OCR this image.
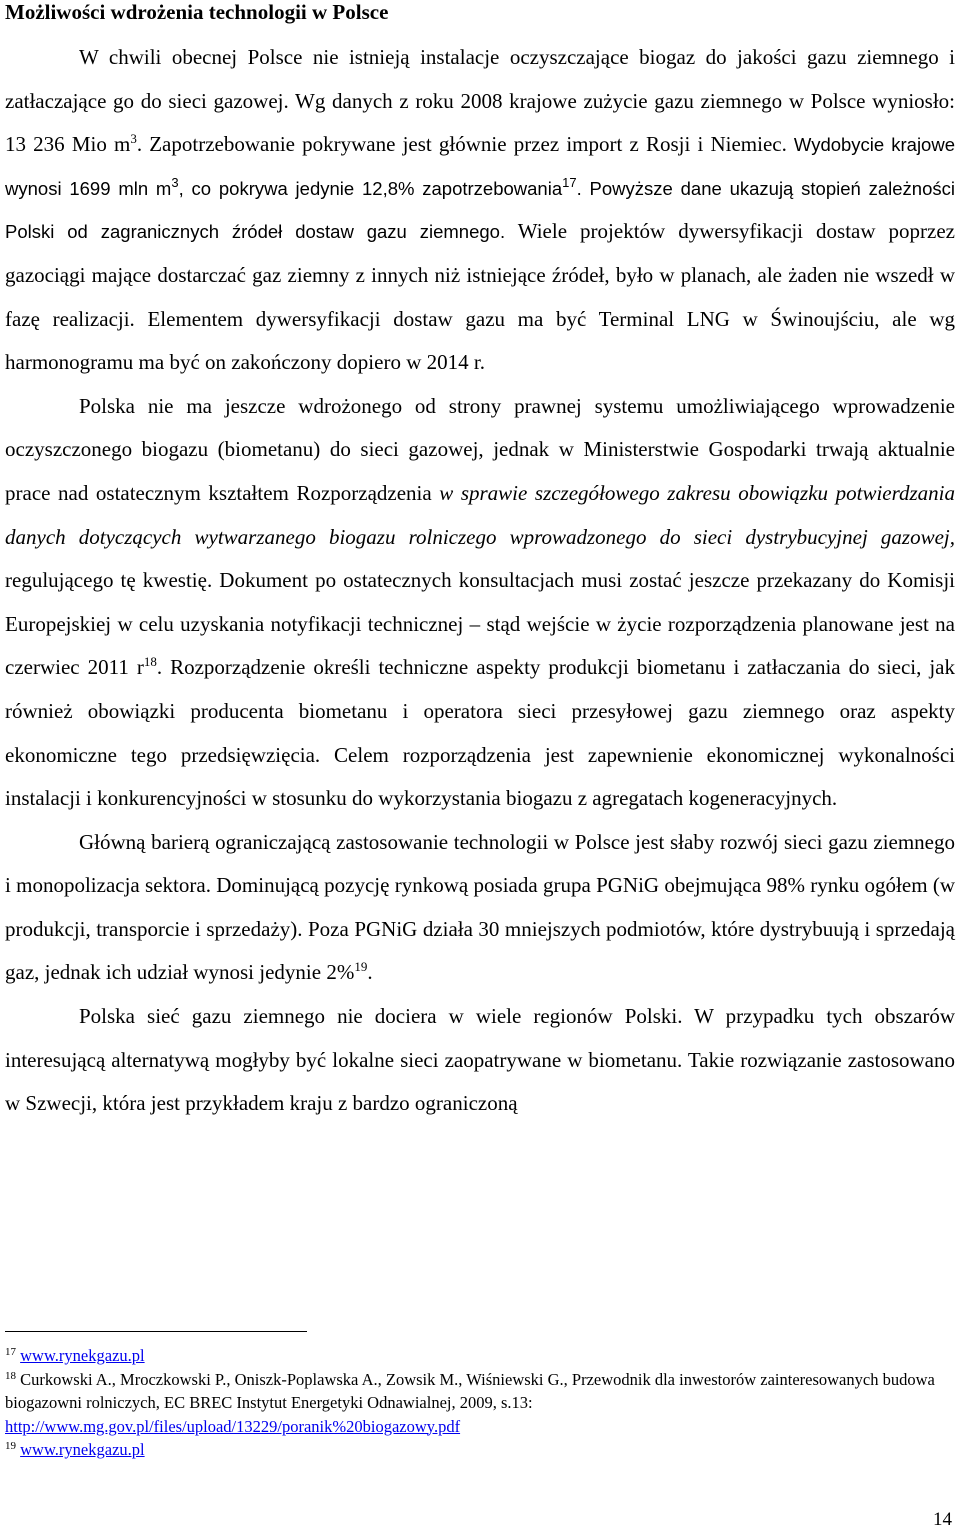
Możliwości wdrożenia technologii w Polsce

W chwili obecnej Polsce nie istnieją instalacje oczyszczające biogaz do jakości gazu ziemnego i zatłaczające go do sieci gazowej. Wg danych z roku 2008 krajowe zużycie gazu ziemnego w Polsce wyniosło: 13 236 Mio $m^3$. Zapotrzebowanie pokrywane jest głównie przez import z Rosji i Niemiec. Wydobycie krajowe wynosi 1699 mln $m^3$, co pokrywa jedynie 12,8% zapotrzebowania$^{17}$. Powyższe dane ukazują stopień zależności Polski od zagranicznych źródeł dostaw gazu ziemnego. Wiele projektów dywersyfikacji dostaw poprzez gazociągi mające dostarczać gaz ziemny z innych niż istniejące źródeł, było w planach, ale żaden nie wszedł w fazę realizacji. Elementem dywersyfikacji dostaw gazu ma być Terminal LNG w Świnoujściu, ale wg harmonogramu ma być on zakończony dopiero w 2014 r.

Polska nie ma jeszcze wdrożonego od strony prawnej systemu umożliwiającego wprowadzenie oczyszczonego biogazu (biometanu) do sieci gazowej, jednak w Ministerstwie Gospodarki trwają aktualnie prace nad ostatecznym kształtem Rozporządzenia w sprawie szczegółowego zakresu obowiązku potwierdzania danych dotyczących wytwarzanego biogazu rolniczego wprowadzonego do sieci dystrybucyjnej gazowej, regulującego tę kwestię. Dokument po ostatecznych konsultacjach musi zostać jeszcze przekazany do Komisji Europejskiej w celu uzyskania notyfikacji technicznej – stąd wejście w życie rozporządzenia planowane jest na czerwiec 2011 $r^{18}$. Rozporządzenie określi techniczne aspekty produkcji biometanu i zatłaczania do sieci, jak również obowiązki producenta biometanu i operatora sieci przesyłowej gazu ziemnego oraz aspekty ekonomiczne tego przedsięwzięcia. Celem rozporządzenia jest zapewnienie ekonomicznej wykonalności instalacji i konkurencyjności w stosunku do wykorzystania biogazu z agregatach kogeneracyjnych.

Główną barierą ograniczającą zastosowanie technologii w Polsce jest słaby rozwój sieci gazu ziemnego i monopolizacja sektora. Dominującą pozycję rynkową posiada grupa PGNiG obejmująca 98% rynku ogółem (w produkcji, transporcie i sprzedaży). Poza PGNiG działa 30 mniejszych podmiotów, które dystrybuują i sprzedają gaz, jednak ich udział wynosi jedynie 2%$^{19}$.

Polska sieć gazu ziemnego nie dociera w wiele regionów Polski. W przypadku tych obszarów interesującą alternatywą mogłyby być lokalne sieci zaopatrywane w biometanu. Takie rozwiązanie zastosowano w Szwecji, która jest przykładem kraju z bardzo ograniczoną

$^{17}$ www.rynekgazu.pl

$^{18}$ Curkowski A., Mroczkowski P., Oniszk-Poplawska A., Zowsik M., Wiśniewski G., Przewodnik dla inwestorów zainteresowanych budowa biogazowni rolniczych, EC BREC Instytut Energetyki Odnawialnej, 2009, s.13: http://www.mg.gov.pl/files/upload/13229/poranik%20biogazowy.pdf

$^{19}$ www.rynekgazu.pl

14
